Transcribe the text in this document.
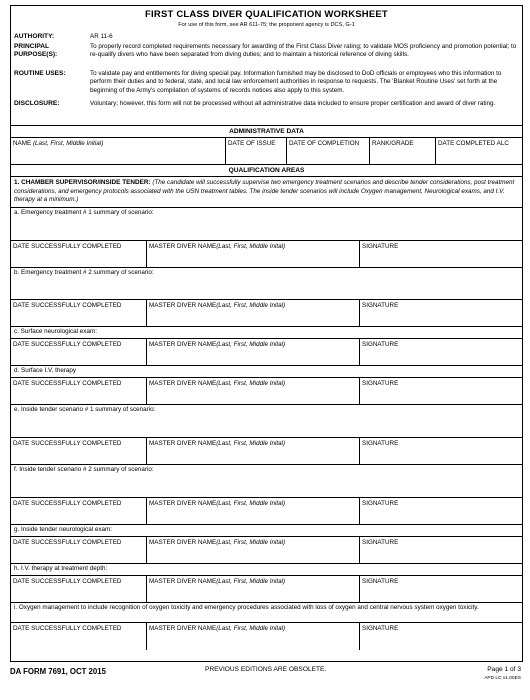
FIRST CLASS DIVER QUALIFICATION WORKSHEET
For use of this form, see AR 611-75; the proponent agency is DCS, G-1
AUTHORITY:	AR 11-6
PRINCIPAL PURPOSE(S):
To properly record completed requirements necessary for awarding of the First Class Diver rating; to validate MOS proficiency and promotion potential; to re-qualify divers who have been separated from diving duties; and to maintain a historical reference of diving skills.
ROUTINE USES:	To validate pay and entitlements for diving special pay. Information furnished may be disclosed to DoD officials or employees who this information to perform their duties and to federal, state, and local law enforcement authorities in response to requests. The 'Blanket Routine Uses' set forth at the beginning of the Army's compilation of systems of records notices also apply to this system.
DISCLOSURE:	Voluntary; however, this form will not be processed without all administrative data included to ensure proper certification and award of diver rating.
ADMINISTRATIVE DATA
NAME (Last, First, Middle Initial)	DATE OF ISSUE	DATE OF COMPLETION	RANK/GRADE	DATE COMPLETED ALC
QUALIFICATION AREAS
1. CHAMBER SUPERVISOR/INSIDE TENDER: (The candidate will successfully supervise two emergency treatment scenarios and describe tender considerations, post treatment considerations, and emergency protocols associated with the USN treatment tables. The inside tender scenarios will include Oxygen management, Neurological exams, and I.V. therapy at a minimum.)
a. Emergency treatment # 1 summary of scenario:
DATE SUCCESSFULLY COMPLETED	MASTER DIVER NAME(Last, First, Middle Inital)	SIGNATURE
b. Emergency treatment # 2 summary of scenario:
DATE SUCCESSFULLY COMPLETED	MASTER DIVER NAME(Last, First, Middle Inital)	SIGNATURE
c. Surface neurological exam:
DATE SUCCESSFULLY COMPLETED	MASTER DIVER NAME(Last, First, Middle Inital)	SIGNATURE
d. Surface I.V. therapy
DATE SUCCESSFULLY COMPLETED	MASTER DIVER NAME(Last, First, Middle Inital)	SIGNATURE
e. Inside tender scenario # 1 summary of scenario:
DATE SUCCESSFULLY COMPLETED	MASTER DIVER NAME(Last, First, Middle Inital)	SIGNATURE
f. Inside tender scenario # 2 summary of scenario:
DATE SUCCESSFULLY COMPLETED	MASTER DIVER NAME(Last, First, Middle Inital)	SIGNATURE
g. Inside tender neurological exam:
DATE SUCCESSFULLY COMPLETED	MASTER DIVER NAME(Last, First, Middle Inital)	SIGNATURE
h. I.V. therapy at treatment depth:
DATE SUCCESSFULLY COMPLETED	MASTER DIVER NAME(Last, First, Middle Inital)	SIGNATURE
i. Oxygen management to include recognition of oxygen toxicity and emergency procedures associated with loss of oxygen and central nervous system oxygen toxicity.
DATE SUCCESSFULLY COMPLETED	MASTER DIVER NAME(Last, First, Middle Inital)	SIGNATURE
DA FORM 7691, OCT 2015	PREVIOUS EDITIONS ARE OBSOLETE.	Page 1 of 3
APD LC v1.00ES
